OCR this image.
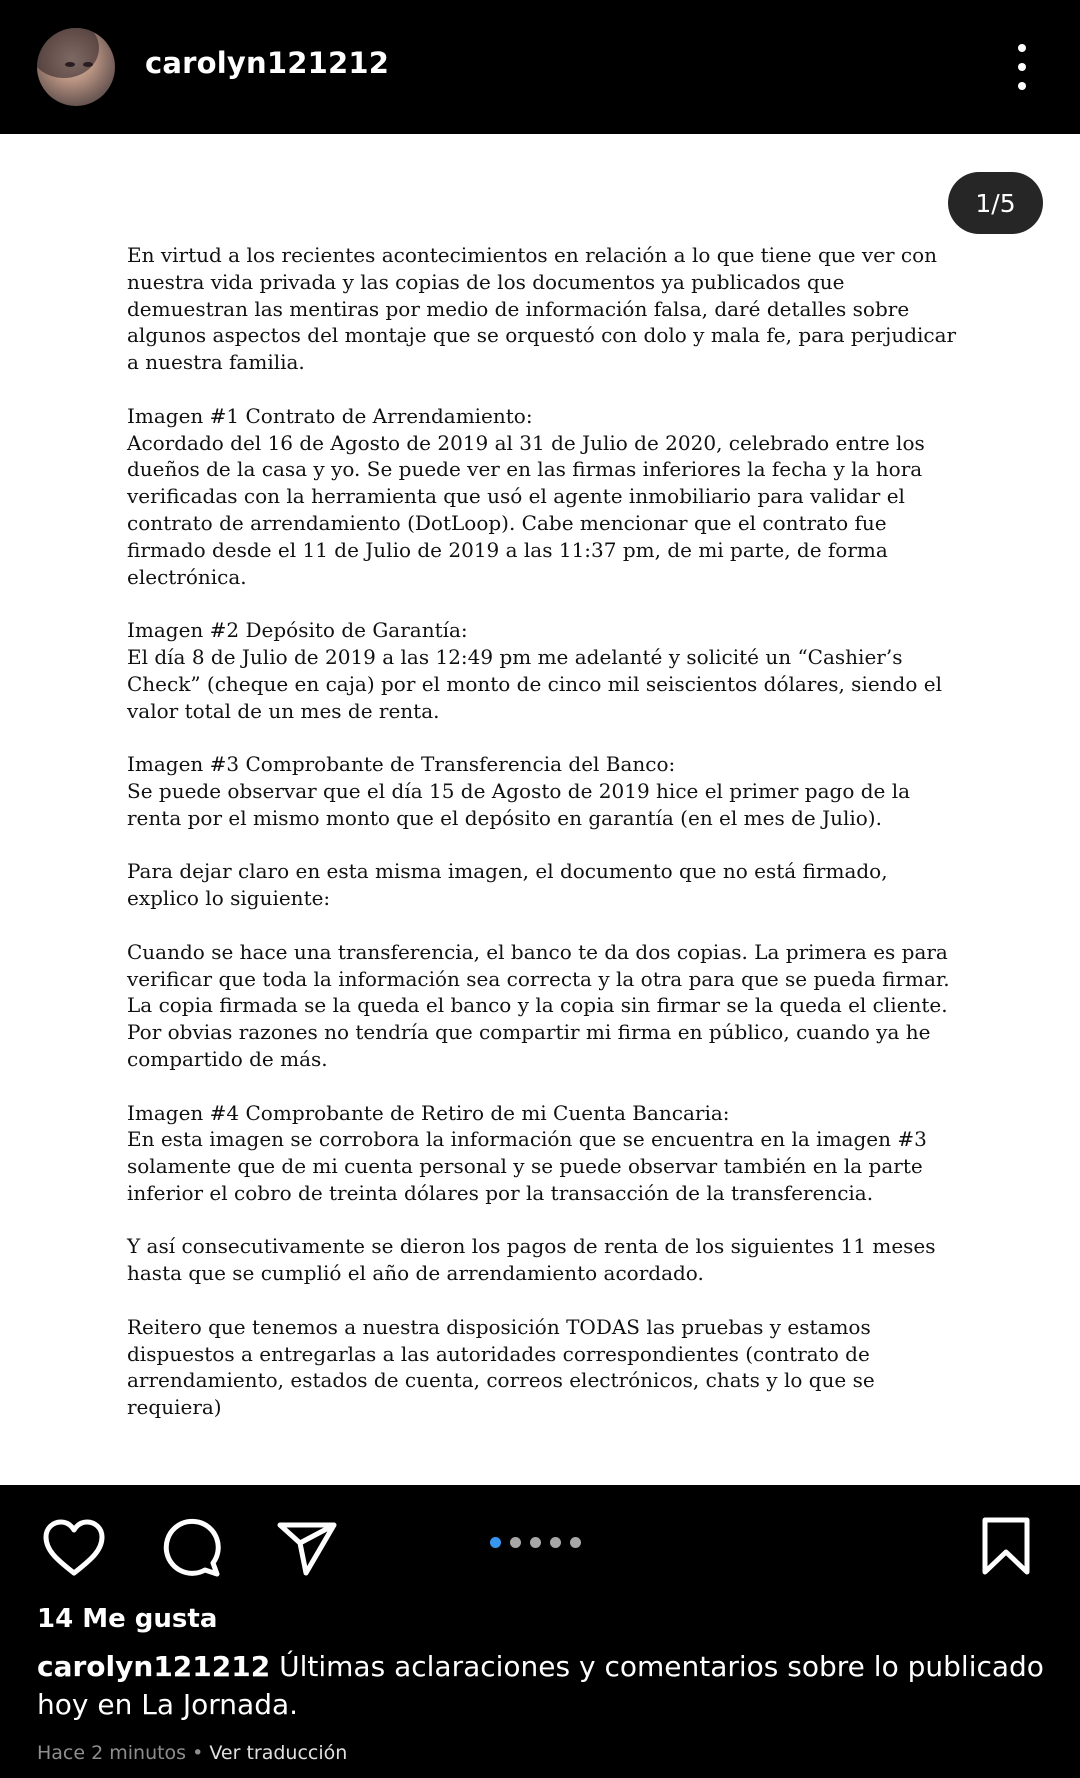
carolyn121212
1/5

En virtud a los recientes acontecimientos en relación a lo que tiene que ver con nuestra vida privada y las copias de los documentos ya publicados que demuestran las mentiras por medio de información falsa, daré detalles sobre algunos aspectos del montaje que se orquestó con dolo y mala fe, para perjudicar a nuestra familia.

Imagen #1 Contrato de Arrendamiento:
Acordado del 16 de Agosto de 2019 al 31 de Julio de 2020, celebrado entre los dueños de la casa y yo. Se puede ver en las firmas inferiores la fecha y la hora verificadas con la herramienta que usó el agente inmobiliario para validar el contrato de arrendamiento (DotLoop). Cabe mencionar que el contrato fue firmado desde el 11 de Julio de 2019 a las 11:37 pm, de mi parte, de forma electrónica.

Imagen #2 Depósito de Garantía:
El día 8 de Julio de 2019 a las 12:49 pm me adelanté y solicité un “Cashier’s Check” (cheque en caja) por el monto de cinco mil seiscientos dólares, siendo el valor total de un mes de renta.

Imagen #3 Comprobante de Transferencia del Banco:
Se puede observar que el día 15 de Agosto de 2019 hice el primer pago de la renta por el mismo monto que el depósito en garantía (en el mes de Julio).

Para dejar claro en esta misma imagen, el documento que no está firmado, explico lo siguiente:

Cuando se hace una transferencia, el banco te da dos copias. La primera es para verificar que toda la información sea correcta y la otra para que se pueda firmar. La copia firmada se la queda el banco y la copia sin firmar se la queda el cliente. Por obvias razones no tendría que compartir mi firma en público, cuando ya he compartido de más.

Imagen #4 Comprobante de Retiro de mi Cuenta Bancaria:
En esta imagen se corrobora la información que se encuentra en la imagen #3 solamente que de mi cuenta personal y se puede observar también en la parte inferior el cobro de treinta dólares por la transacción de la transferencia.

Y así consecutivamente se dieron los pagos de renta de los siguientes 11 meses hasta que se cumplió el año de arrendamiento acordado.

Reitero que tenemos a nuestra disposición TODAS las pruebas y estamos dispuestos a entregarlas a las autoridades correspondientes (contrato de arrendamiento, estados de cuenta, correos electrónicos, chats y lo que se requiera)

14 Me gusta
carolyn121212 Últimas aclaraciones y comentarios sobre lo publicado hoy en La Jornada.
Hace 2 minutos • Ver traducción
